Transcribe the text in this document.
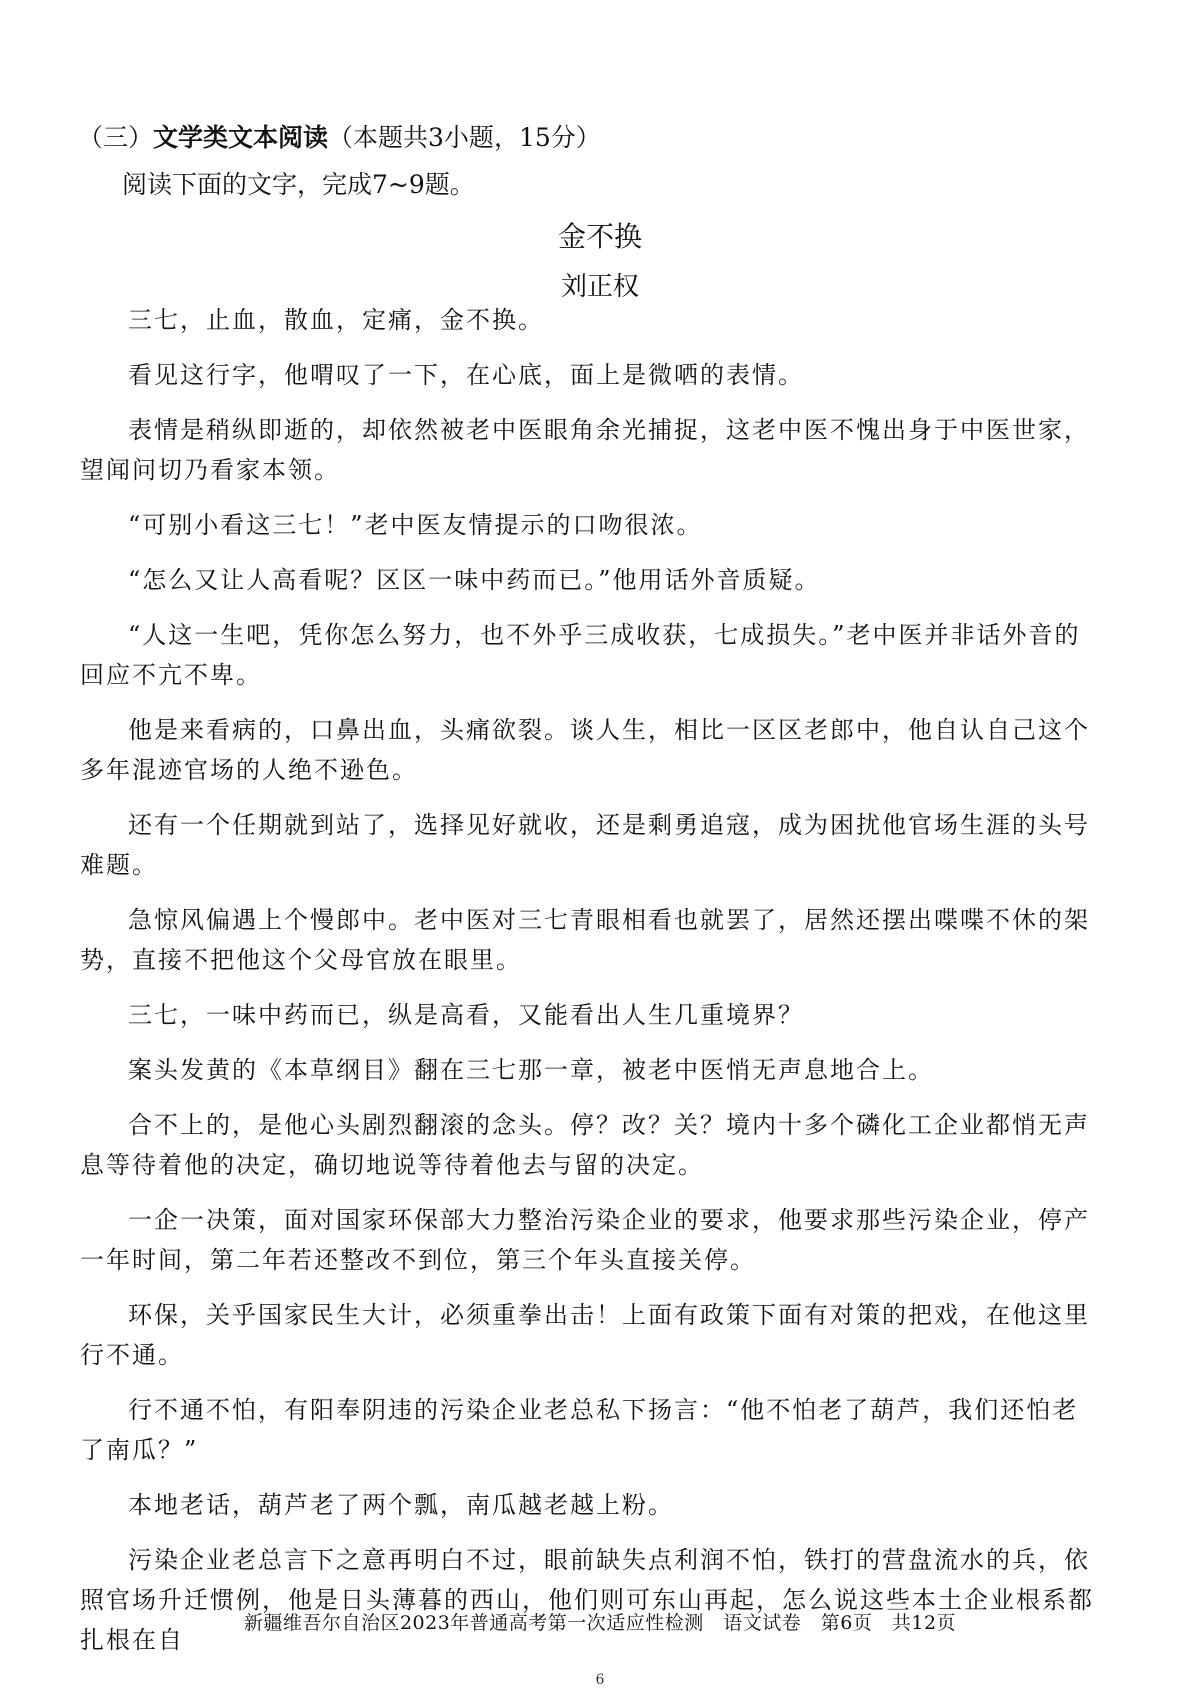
（三）文学类文本阅读（本题共3小题，15分）
阅读下面的文字，完成7~9题。
金不换
刘正权

三七，止血，散血，定痛，金不换。

看见这行字，他喟叹了一下，在心底，面上是微哂的表情。

表情是稍纵即逝的，却依然被老中医眼角余光捕捉，这老中医不愧出身于中医世家，望闻问切乃看家本领。

“可别小看这三七！”老中医友情提示的口吻很浓。

“怎么又让人高看呢？区区一味中药而已。”他用话外音质疑。

“人这一生吧，凭你怎么努力，也不外乎三成收获，七成损失。”老中医并非话外音的回应不亢不卑。

他是来看病的，口鼻出血，头痛欲裂。谈人生，相比一区区老郎中，他自认自己这个多年混迹官场的人绝不逊色。

还有一个任期就到站了，选择见好就收，还是剩勇追寇，成为困扰他官场生涯的头号难题。

急惊风偏遇上个慢郎中。老中医对三七青眼相看也就罢了，居然还摆出喋喋不休的架势，直接不把他这个父母官放在眼里。

三七，一味中药而已，纵是高看，又能看出人生几重境界？

案头发黄的《本草纲目》翻在三七那一章，被老中医悄无声息地合上。

合不上的，是他心头剧烈翻滚的念头。停？改？关？境内十多个磷化工企业都悄无声息等待着他的决定，确切地说等待着他去与留的决定。

一企一决策，面对国家环保部大力整治污染企业的要求，他要求那些污染企业，停产一年时间，第二年若还整改不到位，第三个年头直接关停。

环保，关乎国家民生大计，必须重拳出击！上面有政策下面有对策的把戏，在他这里行不通。

行不通不怕，有阳奉阴违的污染企业老总私下扬言：“他不怕老了葫芦，我们还怕老了南瓜？”

本地老话，葫芦老了两个瓢，南瓜越老越上粉。

污染企业老总言下之意再明白不过，眼前缺失点利润不怕，铁打的营盘流水的兵，依照官场升迁惯例，他是日头薄暮的西山，他们则可东山再起，怎么说这些本土企业根系都扎根在自

新疆维吾尔自治区2023年普通高考第一次适应性检测　语文试卷　第6页　共12页
6
